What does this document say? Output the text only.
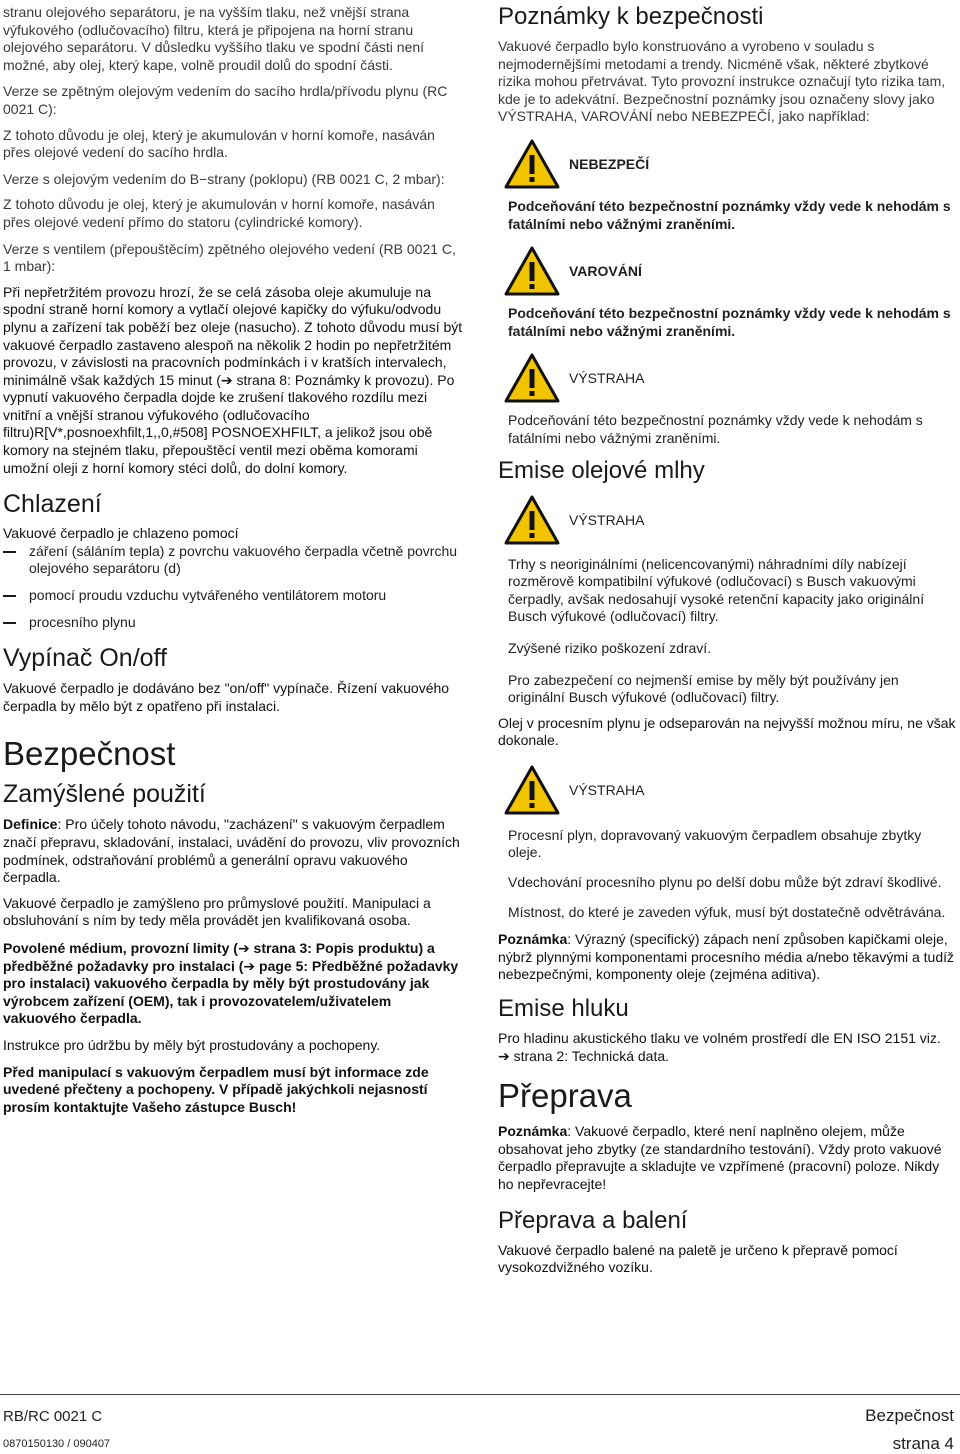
stranu olejového separátoru, je na vyšším tlaku, než vnější strana výfukového (odlučovacího) filtru, která je připojena na horní stranu olejového separátoru. V důsledku vyššího tlaku ve spodní části není možné, aby olej, který kape, volně proudil dolů do spodní části.

Verze se zpětným olejovým vedením do sacího hrdla/přívodu plynu (RC 0021 C):

Z tohoto důvodu je olej, který je akumulován v horní komoře, nasáván přes olejové vedení do sacího hrdla.

Verze s olejovým vedením do B−strany (poklopu) (RB 0021 C, 2 mbar):

Z tohoto důvodu je olej, který je akumulován v horní komoře, nasáván přes olejové vedení přímo do statoru (cylindrické komory).

Verze s ventilem (přepouštěcím) zpětného olejového vedení (RB 0021 C, 1 mbar):

Při nepřetržitém provozu hrozí, že se celá zásoba oleje akumuluje na spodní straně horní komory a vytlačí olejové kapičky do výfuku/odvodu plynu a zařízení tak poběží bez oleje (nasucho). Z tohoto důvodu musí být vakuové čerpadlo zastaveno alespoň na několik 2 hodin po nepřetržitém provozu, v závislosti na pracovních podmínkách i v kratších intervalech, minimálně však každých 15 minut (➔ strana 8: Poznámky k provozu). Po vypnutí vakuového čerpadla dojde ke zrušení tlakového rozdílu mezi vnitřní a vnější stranou výfukového (odlučovacího filtru)R[V*,posnoexhfilt,1,,0,#508] POSNOEXHFILT, a jelikož jsou obě komory na stejném tlaku, přepouštěcí ventil mezi oběma komorami umožní oleji z horní komory stéci dolů, do dolní komory.

Chlazení

Vakuové čerpadlo je chlazeno pomocí

záření (sáláním tepla) z povrchu vakuového čerpadla včetně povrchu olejového separátoru (d)
pomocí proudu vzduchu vytvářeného ventilátorem motoru
procesního plynu
Vypínač On/off

Vakuové čerpadlo je dodáváno bez "on/off" vypínače. Řízení vakuového čerpadla by mělo být z opatřeno při instalaci.

Bezpečnost
Zamýšlené použití

Definice: Pro účely tohoto návodu, "zacházení" s vakuovým čerpadlem značí přepravu, skladování, instalaci, uvádění do provozu, vliv provozních podmínek, odstraňování problémů a generální opravu vakuového čerpadla.

Vakuové čerpadlo je zamýšleno pro průmyslové použití. Manipulaci a obsluhování s ním by tedy měla provádět jen kvalifikovaná osoba.

Povolené médium, provozní limity (➔ strana 3: Popis produktu) a předběžné požadavky pro instalaci (➔ page 5: Předběžné požadavky pro instalaci) vakuového čerpadla by měly být prostudovány jak výrobcem zařízení (OEM), tak i provozovatelem/uživatelem vakuového čerpadla.

Instrukce pro údržbu by měly být prostudovány a pochopeny.

Před manipulací s vakuovým čerpadlem musí být informace zde uvedené přečteny a pochopeny. V případě jakýchkoli nejasností prosím kontaktujte Vašeho zástupce Busch!

Poznámky k bezpečnosti

Vakuové čerpadlo bylo konstruováno a vyrobeno v souladu s nejmodernějšími metodami a trendy. Nicméně však, některé zbytkové rizika mohou přetrvávat. Tyto provozní instrukce označují tyto rizika tam, kde je to adekvátní. Bezpečnostní poznámky jsou označeny slovy jako VÝSTRAHA, VAROVÁNÍ nebo NEBEZPEČÍ, jako například:

NEBEZPEČÍ

Podceňování této bezpečnostní poznámky vždy vede k nehodám s fatálními nebo vážnými zraněními.

VAROVÁNÍ

Podceňování této bezpečnostní poznámky vždy vede k nehodám s fatálními nebo vážnými zraněními.

VÝSTRAHA

Podceňování této bezpečnostní poznámky vždy vede k nehodám s fatálními nebo vážnými zraněními.

Emise olejové mlhy
VÝSTRAHA

Trhy s neoriginálními (nelicencovanými) náhradními díly nabízejí rozměrově kompatibilní výfukové (odlučovací) s Busch vakuovými čerpadly, avšak nedosahují vysoké retenční kapacity jako originální Busch výfukové (odlučovací) filtry.

Zvýšené riziko poškození zdraví.

Pro zabezpečení co nejmenší emise by měly být používány jen originální Busch výfukové (odlučovací) filtry.

Olej v procesním plynu je odseparován na nejvyšší možnou míru, ne však dokonale.

VÝSTRAHA

Procesní plyn, dopravovaný vakuovým čerpadlem obsahuje zbytky oleje.

Vdechování procesního plynu po delší dobu může být zdraví škodlivé.

Místnost, do které je zaveden výfuk, musí být dostatečně odvětrávána.

Poznámka: Výrazný (specifický) zápach není způsoben kapičkami oleje, nýbrž plynnými komponentami procesního média a/nebo těkavými a tudíž nebezpečnými, komponenty oleje (zejména aditiva).

Emise hluku

Pro hladinu akustického tlaku ve volném prostředí dle EN ISO 2151 viz. ➔ strana 2: Technická data.

Přeprava

Poznámka: Vakuové čerpadlo, které není naplněno olejem, může obsahovat jeho zbytky (ze standardního testování). Vždy proto vakuové čerpadlo přepravujte a skladujte ve vzpřímené (pracovní) poloze. Nikdy ho nepřevracejte!

Přeprava a balení

Vakuové čerpadlo balené na paletě je určeno k přepravě pomocí vysokozdvižného vozíku.

RB/RC 0021 C	Bezpečnost
0870150130 / 090407	strana 4
